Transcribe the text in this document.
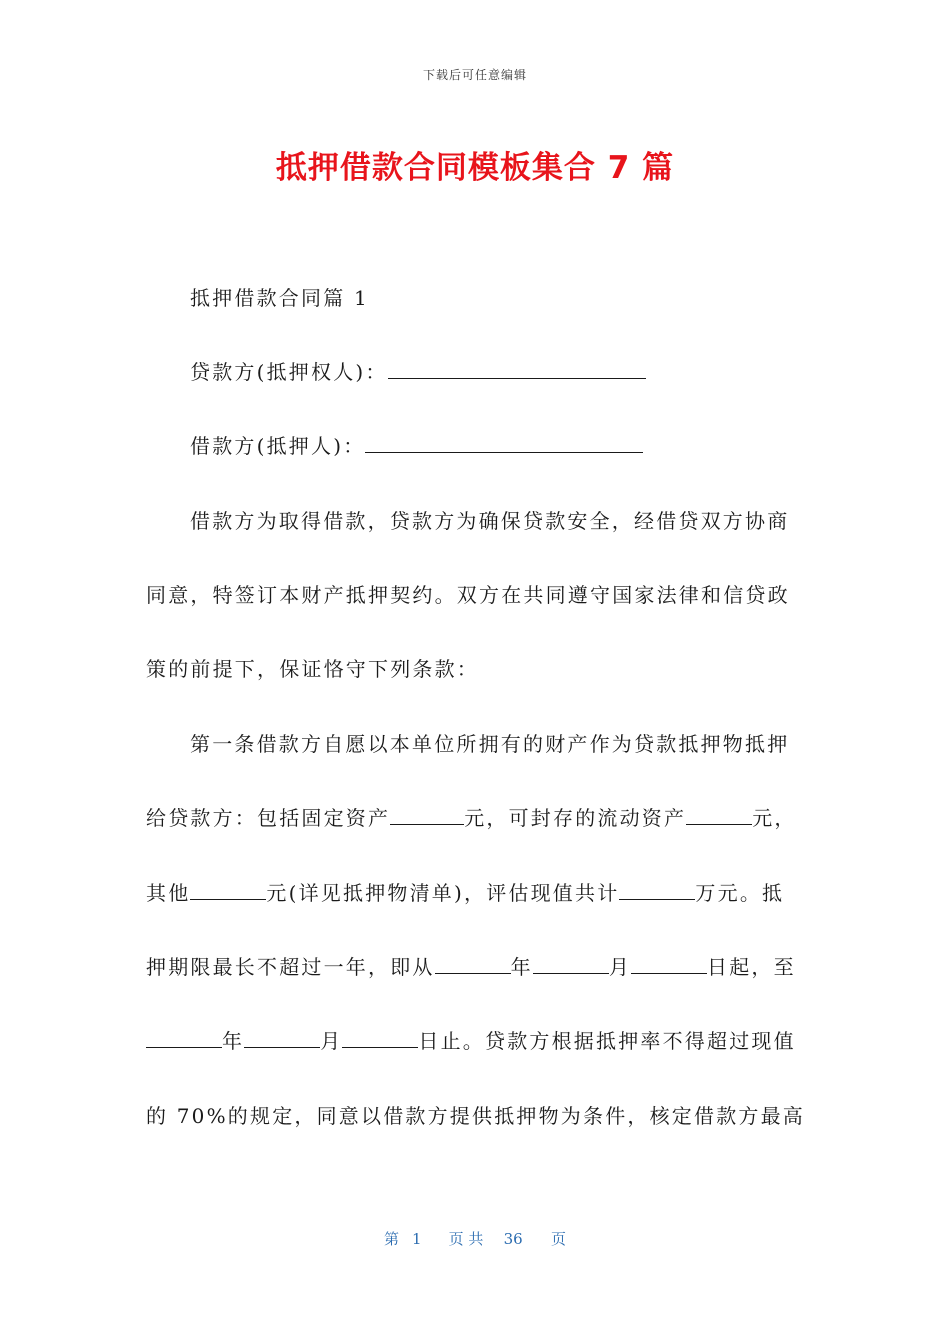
下载后可任意编辑
抵押借款合同模板集合 7 篇
抵押借款合同篇 1
贷款方(抵押权人)：
借款方(抵押人)：
借款方为取得借款，贷款方为确保贷款安全，经借贷双方协商
同意，特签订本财产抵押契约。双方在共同遵守国家法律和信贷政
策的前提下，保证恪守下列条款：
第一条借款方自愿以本单位所拥有的财产作为贷款抵押物抵押
给贷款方：包括固定资产	元，可封存的流动资产	元，
其他	元(详见抵押物清单)，评估现值共计	万元。抵
押期限最长不超过一年，即从	年	月	日起，至
年	月	日止。贷款方根据抵押率不得超过现值
的 70%的规定，同意以借款方提供抵押物为条件，核定借款方最高
第 1 页 共 36 页
